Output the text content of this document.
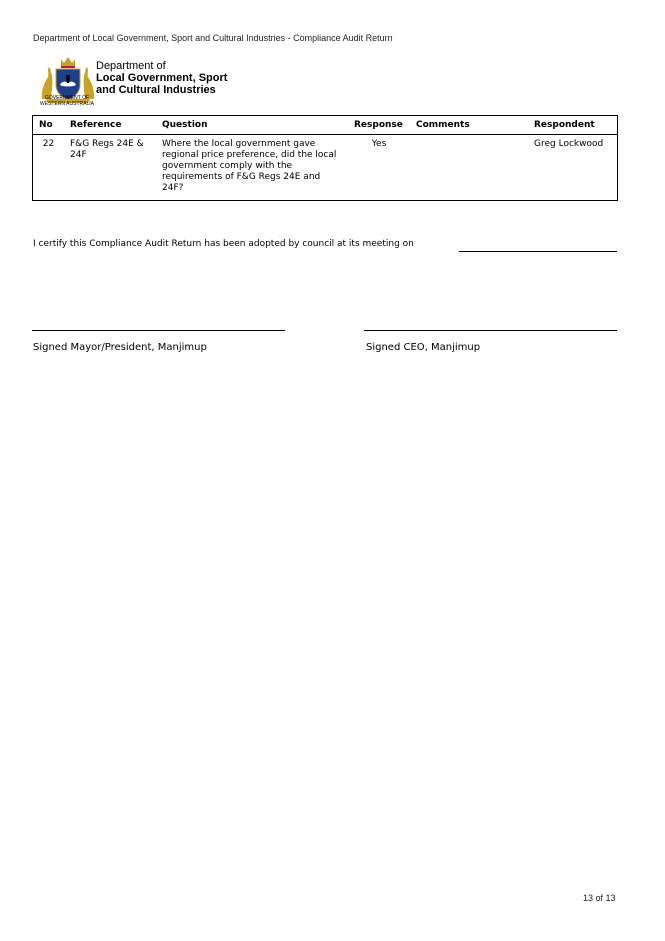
Department of Local Government, Sport and Cultural Industries - Compliance Audit Return
GOVERNMENT OF
WESTERN AUSTRALIA
Department of
Local Government, Sport
and Cultural Industries
No	Reference	Question	Response	Comments	Respondent
22	F&G Regs 24E & 24F	Where the local government gave regional price preference, did the local government comply with the requirements of F&G Regs 24E and 24F?	Yes		Greg Lockwood
I certify this Compliance Audit Return has been adopted by council at its meeting on
Signed Mayor/President, Manjimup	Signed CEO, Manjimup
13 of 13
